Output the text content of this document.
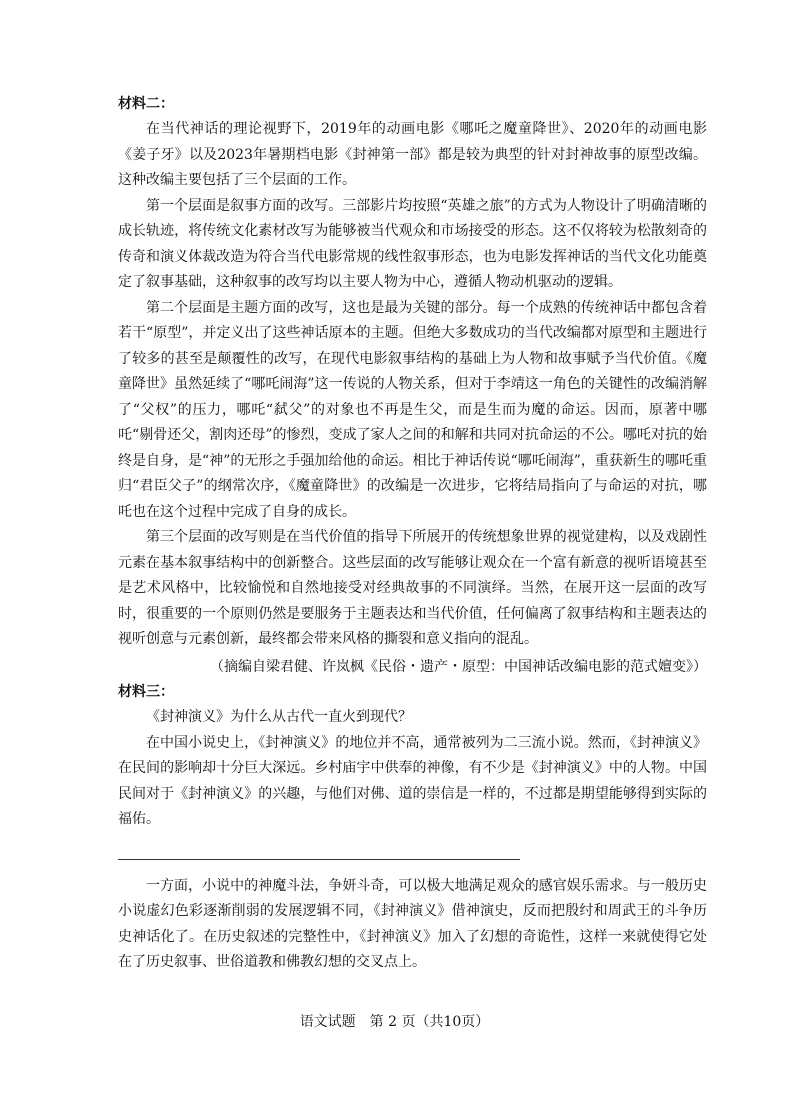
材料二：

在当代神话的理论视野下，2019年的动画电影《哪吒之魔童降世》、2020年的动画电影《姜子牙》以及2023年暑期档电影《封神第一部》都是较为典型的针对封神故事的原型改编。这种改编主要包括了三个层面的工作。

第一个层面是叙事方面的改写。三部影片均按照“英雄之旅”的方式为人物设计了明确清晰的成长轨迹，将传统文化素材改写为能够被当代观众和市场接受的形态。这不仅将较为松散刻奇的传奇和演义体裁改造为符合当代电影常规的线性叙事形态，也为电影发挥神话的当代文化功能奠定了叙事基础，这种叙事的改写均以主要人物为中心，遵循人物动机驱动的逻辑。

第二个层面是主题方面的改写，这也是最为关键的部分。每一个成熟的传统神话中都包含着若干“原型”，并定义出了这些神话原本的主题。但绝大多数成功的当代改编都对原型和主题进行了较多的甚至是颠覆性的改写，在现代电影叙事结构的基础上为人物和故事赋予当代价值。《魔童降世》虽然延续了“哪吒闹海”这一传说的人物关系，但对于李靖这一角色的关键性的改编消解了“父权”的压力，哪吒“弑父”的对象也不再是生父，而是生而为魔的命运。因而，原著中哪吒“剔骨还父，割肉还母”的惨烈，变成了家人之间的和解和共同对抗命运的不公。哪吒对抗的始终是自身，是“神”的无形之手强加给他的命运。相比于神话传说“哪吒闹海”，重获新生的哪吒重归“君臣父子”的纲常次序，《魔童降世》的改编是一次进步，它将结局指向了与命运的对抗，哪吒也在这个过程中完成了自身的成长。

第三个层面的改写则是在当代价值的指导下所展开的传统想象世界的视觉建构，以及戏剧性元素在基本叙事结构中的创新整合。这些层面的改写能够让观众在一个富有新意的视听语境甚至是艺术风格中，比较愉悦和自然地接受对经典故事的不同演绎。当然，在展开这一层面的改写时，很重要的一个原则仍然是要服务于主题表达和当代价值，任何偏离了叙事结构和主题表达的视听创意与元素创新，最终都会带来风格的撕裂和意义指向的混乱。

（摘编自梁君健、许岚枫《民俗・遗产・原型：中国神话改编电影的范式嬗变》）
材料三：

《封神演义》为什么从古代一直火到现代？

在中国小说史上，《封神演义》的地位并不高，通常被列为二三流小说。然而，《封神演义》在民间的影响却十分巨大深远。乡村庙宇中供奉的神像，有不少是《封神演义》中的人物。中国民间对于《封神演义》的兴趣，与他们对佛、道的崇信是一样的，不过都是期望能够得到实际的福佑。

一方面，小说中的神魔斗法，争妍斗奇，可以极大地满足观众的感官娱乐需求。与一般历史小说虚幻色彩逐渐削弱的发展逻辑不同，《封神演义》借神演史，反而把殷纣和周武王的斗争历史神话化了。在历史叙述的完整性中，《封神演义》加入了幻想的奇诡性，这样一来就使得它处在了历史叙事、世俗道教和佛教幻想的交叉点上。

语文试题　第 2 页（共10页）
